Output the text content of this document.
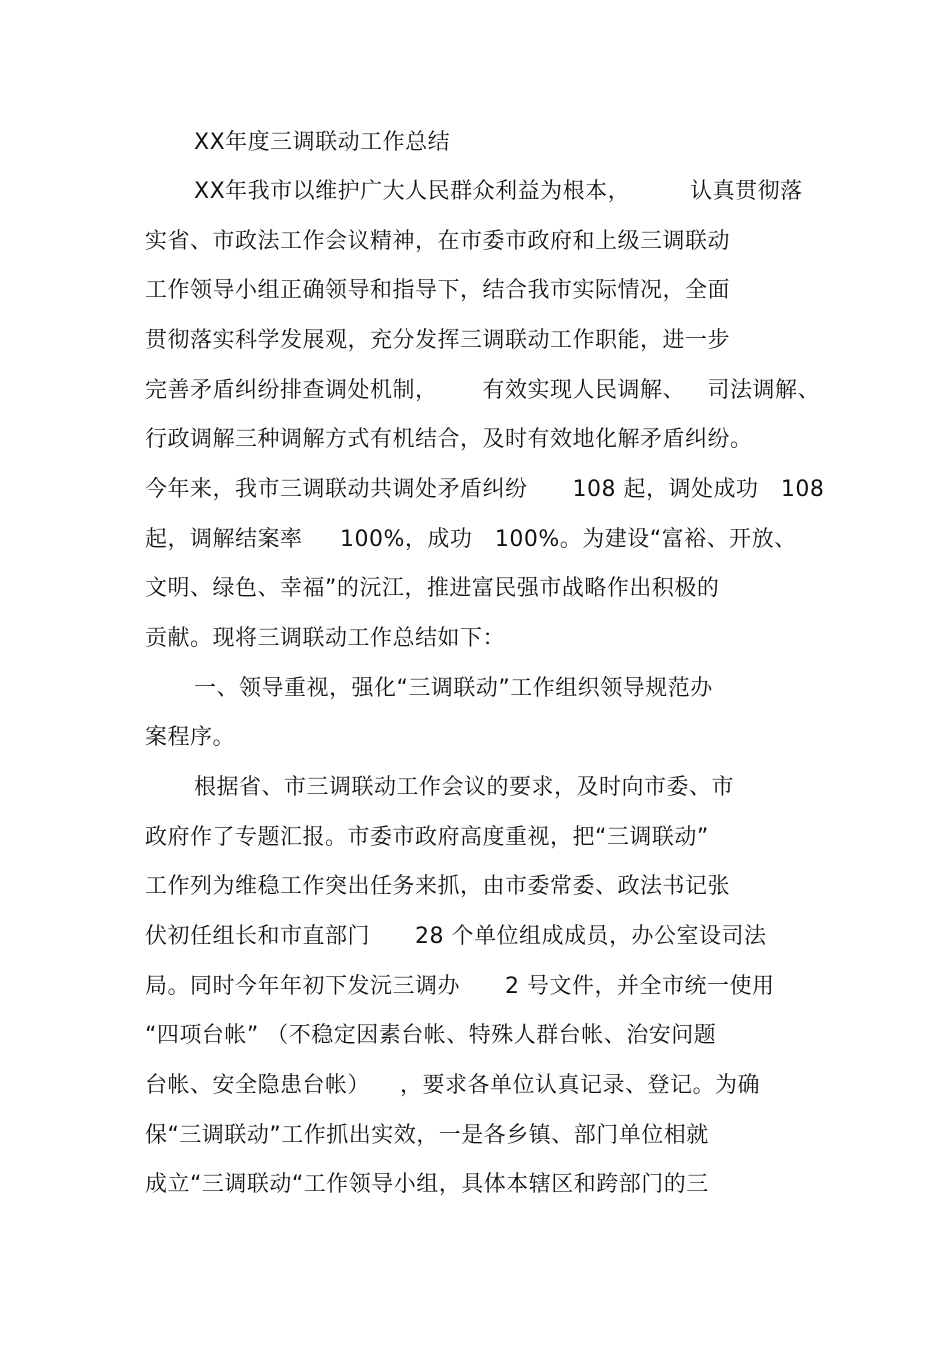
XX年度三调联动工作总结
XX年我市以维护广大人民群众利益为根本，        认真贯彻落
实省、市政法工作会议精神，在市委市政府和上级三调联动
工作领导小组正确领导和指导下，结合我市实际情况，全面
贯彻落实科学发展观，充分发挥三调联动工作职能，进一步
完善矛盾纠纷排查调处机制，      有效实现人民调解、   司法调解、
行政调解三种调解方式有机结合，及时有效地化解矛盾纠纷。
今年来，我市三调联动共调处矛盾纠纷      108 起，调处成功   108
起，调解结案率     100%，成功   100%。为建设“富裕、开放、
文明、绿色、幸福”的沅江，推进富民强市战略作出积极的
贡献。现将三调联动工作总结如下：
一、领导重视，强化“三调联动”工作组织领导规范办
案程序。
根据省、市三调联动工作会议的要求，及时向市委、市
政府作了专题汇报。市委市政府高度重视，把“三调联动”
工作列为维稳工作突出任务来抓，由市委常委、政法书记张
伏初任组长和市直部门      28 个单位组成成员，办公室设司法
局。同时今年年初下发沅三调办      2 号文件，并全市统一使用
“四项台帐” （不稳定因素台帐、特殊人群台帐、治安问题
台帐、安全隐患台帐）    ，要求各单位认真记录、登记。为确
保“三调联动”工作抓出实效，一是各乡镇、部门单位相就
成立“三调联动“工作领导小组，具体本辖区和跨部门的三
